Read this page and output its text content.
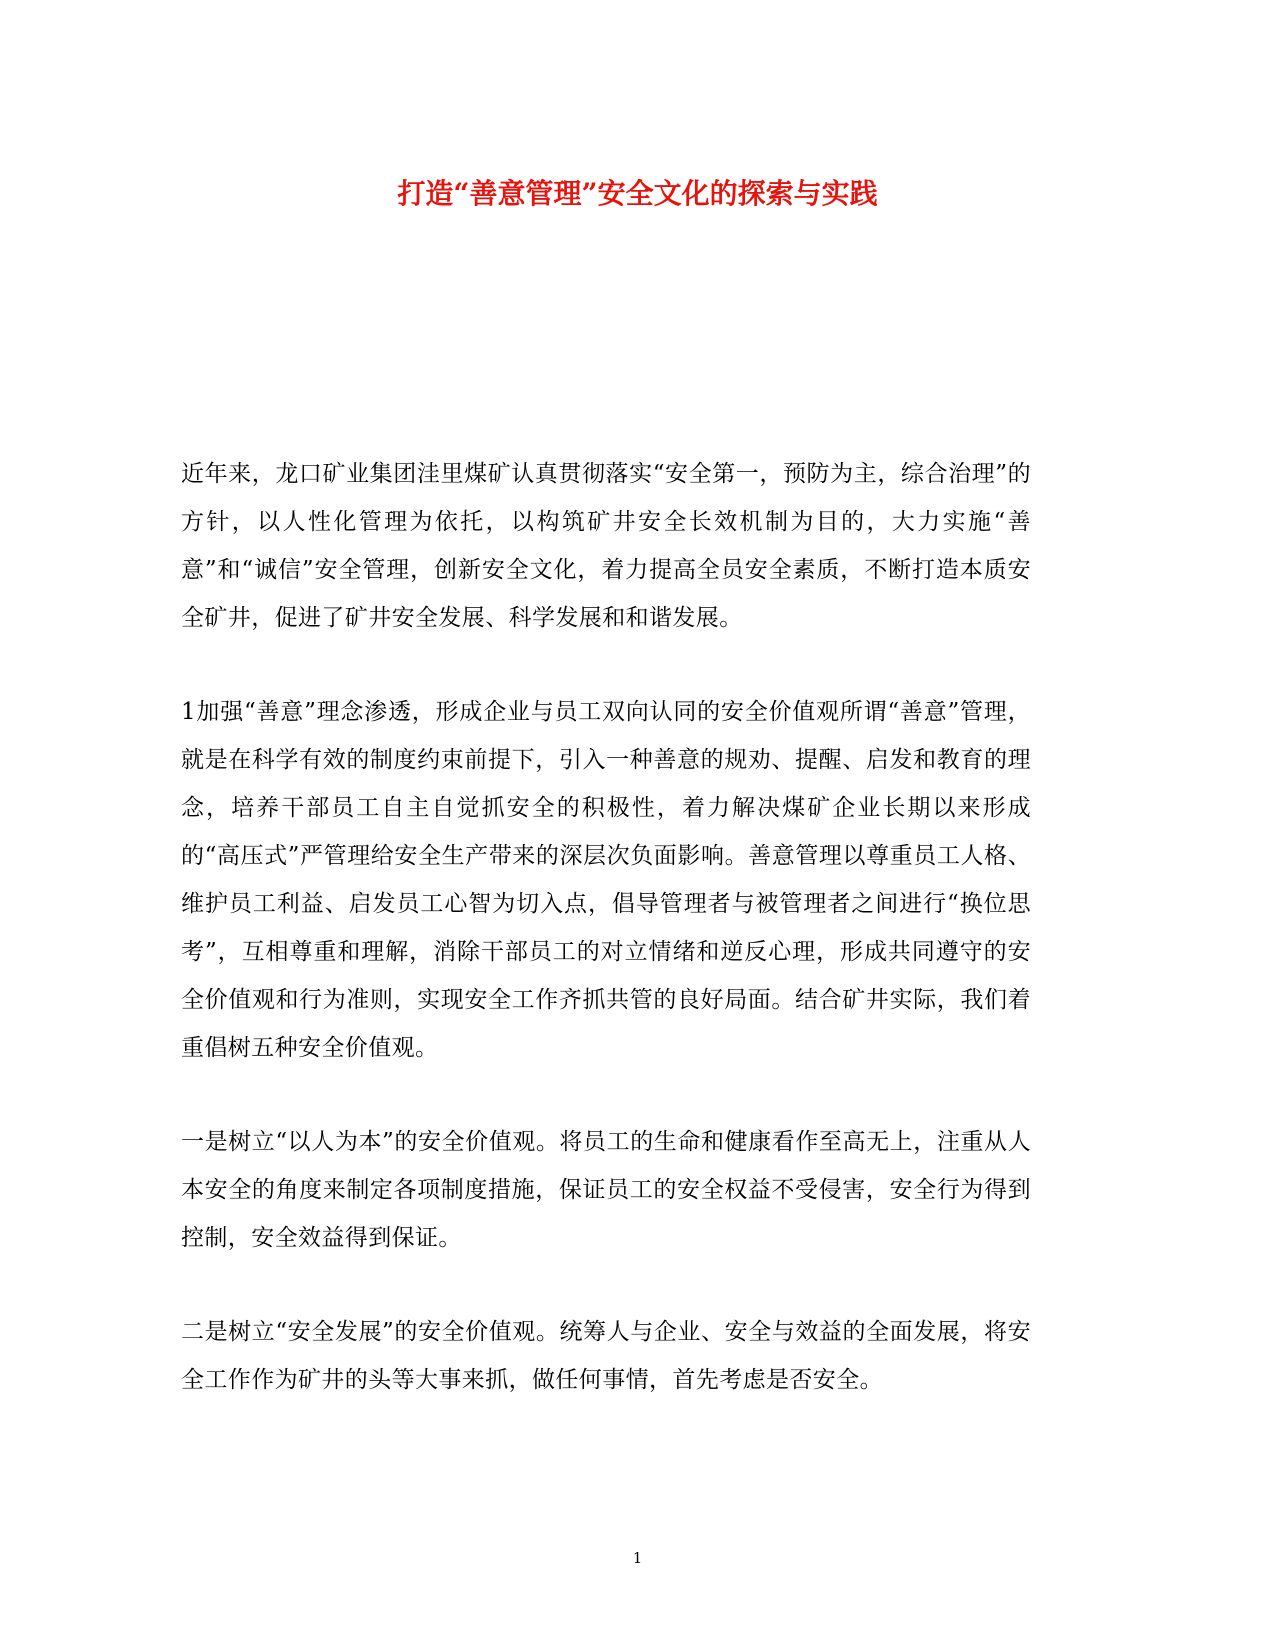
打造“善意管理”安全文化的探索与实践

近年来，龙口矿业集团洼里煤矿认真贯彻落实“安全第一，预防为主，综合治理”的方针，以人性化管理为依托，以构筑矿井安全长效机制为目的，大力实施“善意”和“诚信”安全管理，创新安全文化，着力提高全员安全素质，不断打造本质安全矿井，促进了矿井安全发展、科学发展和和谐发展。

1加强“善意”理念渗透，形成企业与员工双向认同的安全价值观所谓“善意”管理，就是在科学有效的制度约束前提下，引入一种善意的规劝、提醒、启发和教育的理念，培养干部员工自主自觉抓安全的积极性，着力解决煤矿企业长期以来形成的“高压式”严管理给安全生产带来的深层次负面影响。善意管理以尊重员工人格、维护员工利益、启发员工心智为切入点，倡导管理者与被管理者之间进行“换位思考”，互相尊重和理解，消除干部员工的对立情绪和逆反心理，形成共同遵守的安全价值观和行为准则，实现安全工作齐抓共管的良好局面。结合矿井实际，我们着重倡树五种安全价值观。

一是树立“以人为本”的安全价值观。将员工的生命和健康看作至高无上，注重从人本安全的角度来制定各项制度措施，保证员工的安全权益不受侵害，安全行为得到控制，安全效益得到保证。

二是树立“安全发展”的安全价值观。统筹人与企业、安全与效益的全面发展，将安全工作作为矿井的头等大事来抓，做任何事情，首先考虑是否安全。

1
